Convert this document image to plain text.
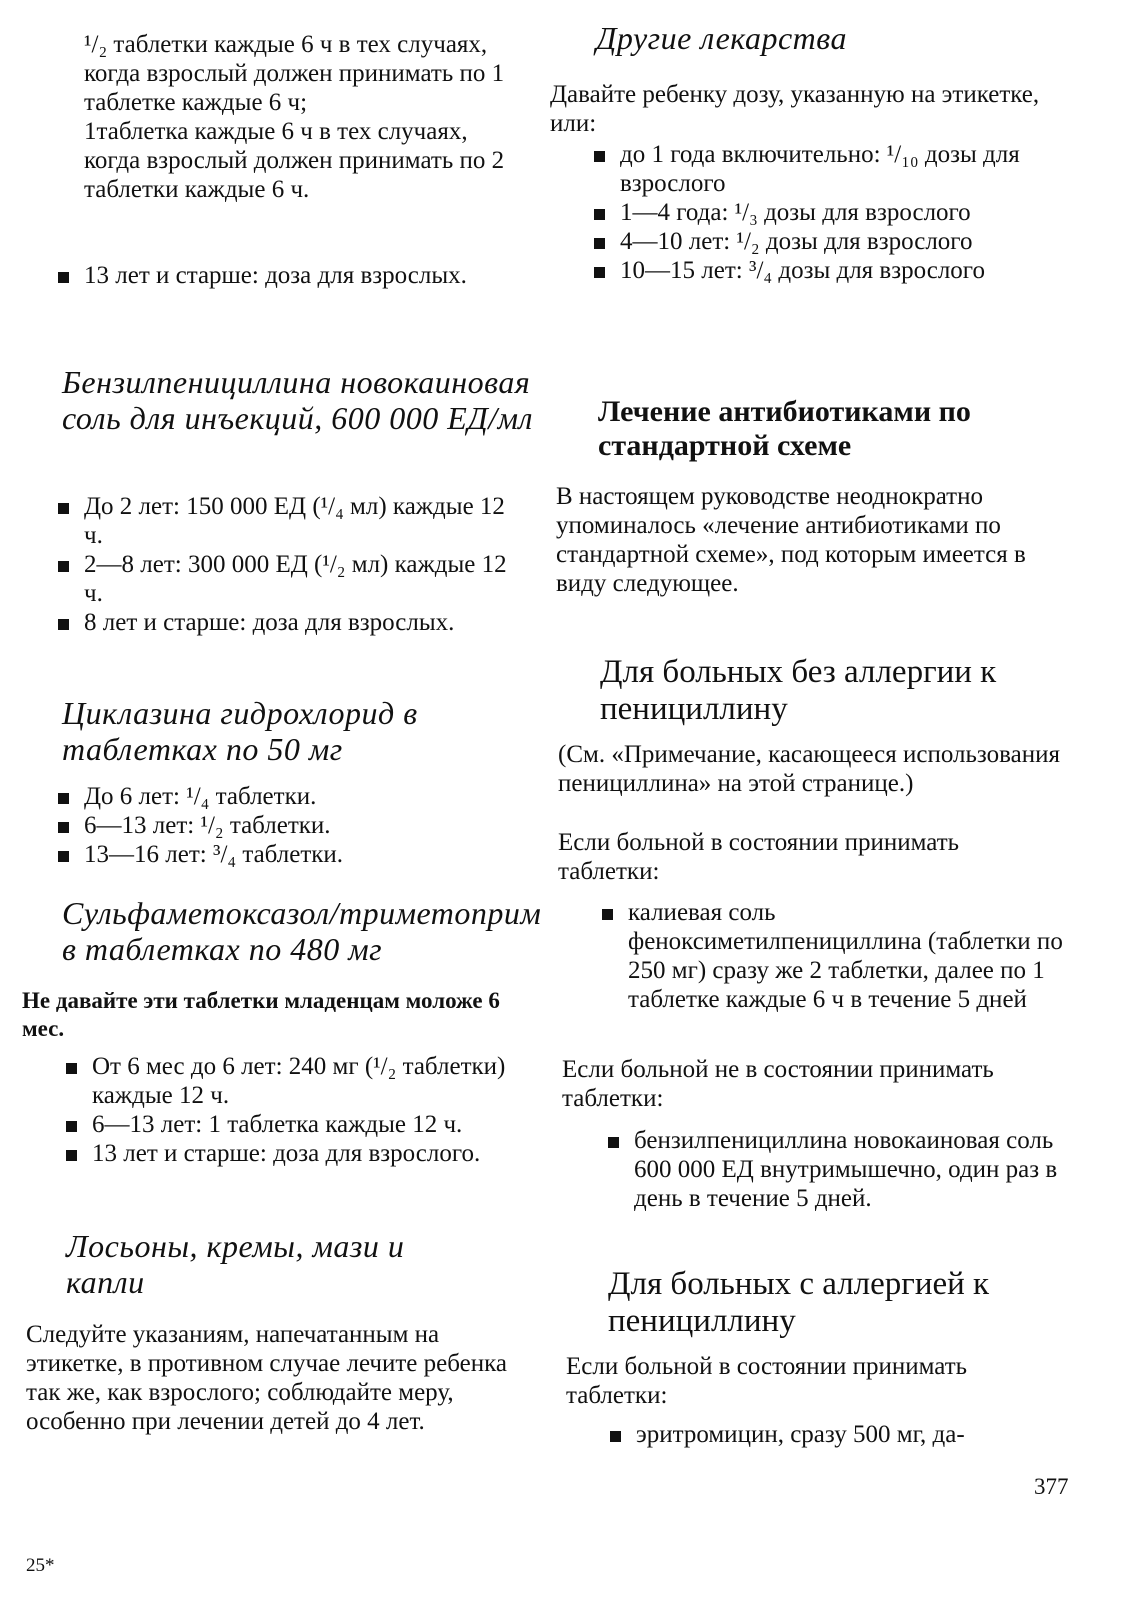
¹/₂ таблетки каждые 6 ч в тех случаях, когда взрослый должен принимать по 1 таблетке каждые 6 ч;

1таблетка каждые 6 ч в тех случаях, когда взрослый должен принимать по 2 таблетки каждые 6 ч.

13 лет и старше: доза для взрослых.
Бензилпенициллина новокаиновая соль для инъекций, 600 000 ЕД/мл
До 2 лет: 150 000 ЕД (¹/₄ мл) каждые 12 ч.
2—8 лет: 300 000 ЕД (¹/₂ мл) каждые 12 ч.
8 лет и старше: доза для взрослых.
Циклазина гидрохлорид в таблетках по 50 мг
До 6 лет: ¹/₄ таблетки.
6—13 лет: ¹/₂ таблетки.
13—16 лет: ³/₄ таблетки.
Сульфаметоксазол/триметоприм в таблетках по 480 мг

Не давайте эти таблетки младенцам моложе 6 мес.

От 6 мес до 6 лет: 240 мг (¹/₂ таблетки) каждые 12 ч.
6—13 лет: 1 таблетка каждые 12 ч.
13 лет и старше: доза для взрослого.
Лосьоны, кремы, мази и капли

Следуйте указаниям, напечатанным на этикетке, в противном случае лечите ребенка так же, как взрослого; соблюдайте меру, особенно при лечении детей до 4 лет.

25*
Другие лекарства

Давайте ребенку дозу, указанную на этикетке, или:

до 1 года включительно: ¹/₁₀ дозы для взрослого
1—4 года: ¹/₃ дозы для взрослого
4—10 лет: ¹/₂ дозы для взрослого
10—15 лет: ³/₄ дозы для взрослого
Лечение антибиотиками по стандартной схеме

В настоящем руководстве неоднократно упоминалось «лечение антибиотиками по стандартной схеме», под которым имеется в виду следующее.

Для больных без аллергии к пенициллину

(См. «Примечание, касающееся использования пенициллина» на этой странице.)

Если больной в состоянии принимать таблетки:

калиевая соль феноксиметилпенициллина (таблетки по 250 мг) сразу же 2 таблетки, далее по 1 таблетке каждые 6 ч в течение 5 дней

Если больной не в состоянии принимать таблетки:

бензилпенициллина новокаиновая соль 600 000 ЕД внутримышечно, один раз в день в течение 5 дней.
Для больных с аллергией к пенициллину

Если больной в состоянии принимать таблетки:

эритромицин, сразу 500 мг, да-
377
